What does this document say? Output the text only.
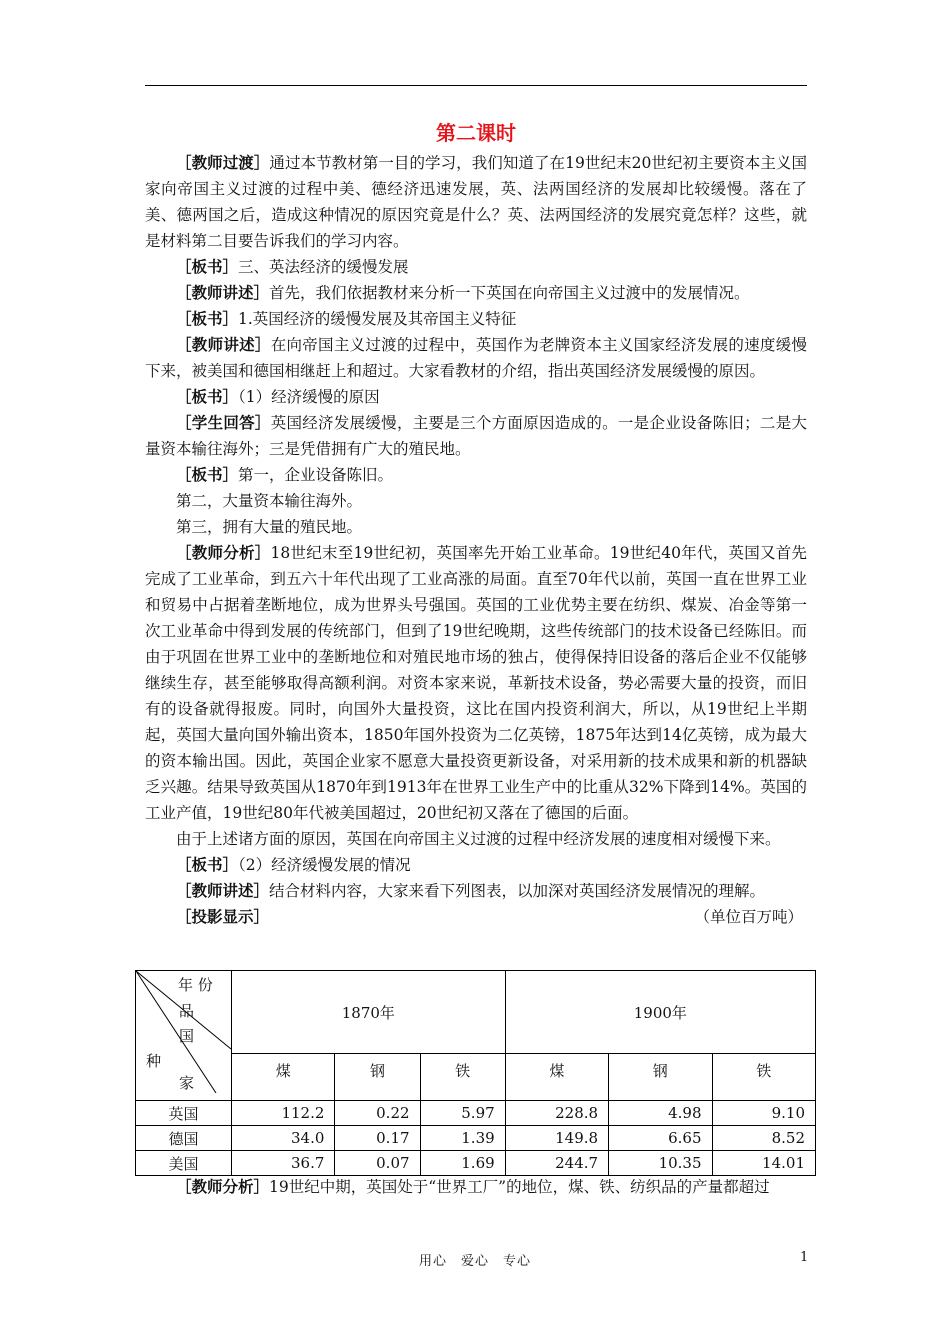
第二课时

［教师过渡］通过本节教材第一目的学习，我们知道了在19世纪末20世纪初主要资本主义国家向帝国主义过渡的过程中美、德经济迅速发展，英、法两国经济的发展却比较缓慢。落在了美、德两国之后，造成这种情况的原因究竟是什么？英、法两国经济的发展究竟怎样？这些，就是材料第二目要告诉我们的学习内容。

［板书］三、英法经济的缓慢发展

［教师讲述］首先，我们依据教材来分析一下英国在向帝国主义过渡中的发展情况。

［板书］1.英国经济的缓慢发展及其帝国主义特征

［教师讲述］在向帝国主义过渡的过程中，英国作为老牌资本主义国家经济发展的速度缓慢下来，被美国和德国相继赶上和超过。大家看教材的介绍，指出英国经济发展缓慢的原因。

［板书］（1）经济缓慢的原因

［学生回答］英国经济发展缓慢，主要是三个方面原因造成的。一是企业设备陈旧；二是大量资本输往海外；三是凭借拥有广大的殖民地。

［板书］第一，企业设备陈旧。

第二，大量资本输往海外。

第三，拥有大量的殖民地。

［教师分析］18世纪末至19世纪初，英国率先开始工业革命。19世纪40年代，英国又首先完成了工业革命，到五六十年代出现了工业高涨的局面。直至70年代以前，英国一直在世界工业和贸易中占据着垄断地位，成为世界头号强国。英国的工业优势主要在纺织、煤炭、冶金等第一次工业革命中得到发展的传统部门，但到了19世纪晚期，这些传统部门的技术设备已经陈旧。而由于巩固在世界工业中的垄断地位和对殖民地市场的独占，使得保持旧设备的落后企业不仅能够继续生存，甚至能够取得高额利润。对资本家来说，革新技术设备，势必需要大量的投资，而旧有的设备就得报废。同时，向国外大量投资，这比在国内投资利润大，所以，从19世纪上半期起，英国大量向国外输出资本，1850年国外投资为二亿英镑，1875年达到14亿英镑，成为最大的资本输出国。因此，英国企业家不愿意大量投资更新设备，对采用新的技术成果和新的机器缺乏兴趣。结果导致英国从1870年到1913年在世界工业生产中的比重从32%下降到14%。英国的工业产值，19世纪80年代被美国超过，20世纪初又落在了德国的后面。

由于上述诸方面的原因，英国在向帝国主义过渡的过程中经济发展的速度相对缓慢下来。

［板书］（2）经济缓慢发展的情况

［教师讲述］结合材料内容，大家来看下列图表，以加深对英国经济发展情况的理解。

［投影显示］	（单位百万吨）
年 份
品
国
种
家	1870年			1900年		
	煤	钢	铁	煤	钢	铁
英国	112.2	0.22	5.97	228.8	4.98	9.10
德国	34.0	0.17	1.39	149.8	6.65	8.52
美国	36.7	0.07	1.69	244.7	10.35	14.01

［教师分析］19世纪中期，英国处于“世界工厂”的地位，煤、铁、纺织品的产量都超过

用心　爱心　专心	1
